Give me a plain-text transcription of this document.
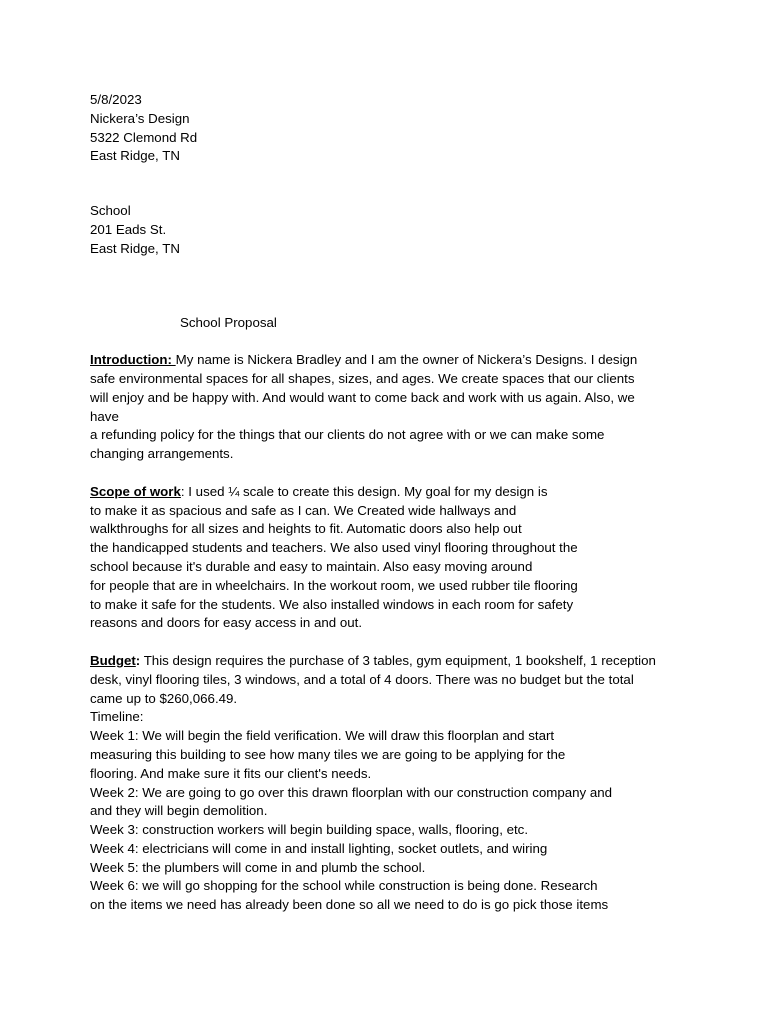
5/8/2023
Nickera’s Design
5322 Clemond Rd
East Ridge, TN
School
201 Eads St.
East Ridge, TN
School Proposal
Introduction: My name is Nickera Bradley and I am the owner of Nickera’s Designs. I design
safe environmental spaces for all shapes, sizes, and ages. We create spaces that our clients
will enjoy and be happy with. And would want to come back and work with us again. Also, we
have
a refunding policy for the things that our clients do not agree with or we can make some
changing arrangements.
Scope of work: I used ¼ scale to create this design. My goal for my design is
to make it as spacious and safe as I can. We Created wide hallways and
walkthroughs for all sizes and heights to fit. Automatic doors also help out
the handicapped students and teachers. We also used vinyl flooring throughout the
school because it's durable and easy to maintain. Also easy moving around
for people that are in wheelchairs. In the workout room, we used rubber tile flooring
to make it safe for the students. We also installed windows in each room for safety
reasons and doors for easy access in and out.
Budget: This design requires the purchase of 3 tables, gym equipment, 1 bookshelf, 1 reception
desk, vinyl flooring tiles, 3 windows, and a total of 4 doors. There was no budget but the total
came up to $260,066.49.
Timeline:
Week 1: We will begin the field verification. We will draw this floorplan and start
measuring this building to see how many tiles we are going to be applying for the
flooring. And make sure it fits our client's needs.
Week 2: We are going to go over this drawn floorplan with our construction company and
and they will begin demolition.
Week 3: construction workers will begin building space, walls, flooring, etc.
Week 4: electricians will come in and install lighting, socket outlets, and wiring
Week 5: the plumbers will come in and plumb the school.
Week 6: we will go shopping for the school while construction is being done. Research
on the items we need has already been done so all we need to do is go pick those items
